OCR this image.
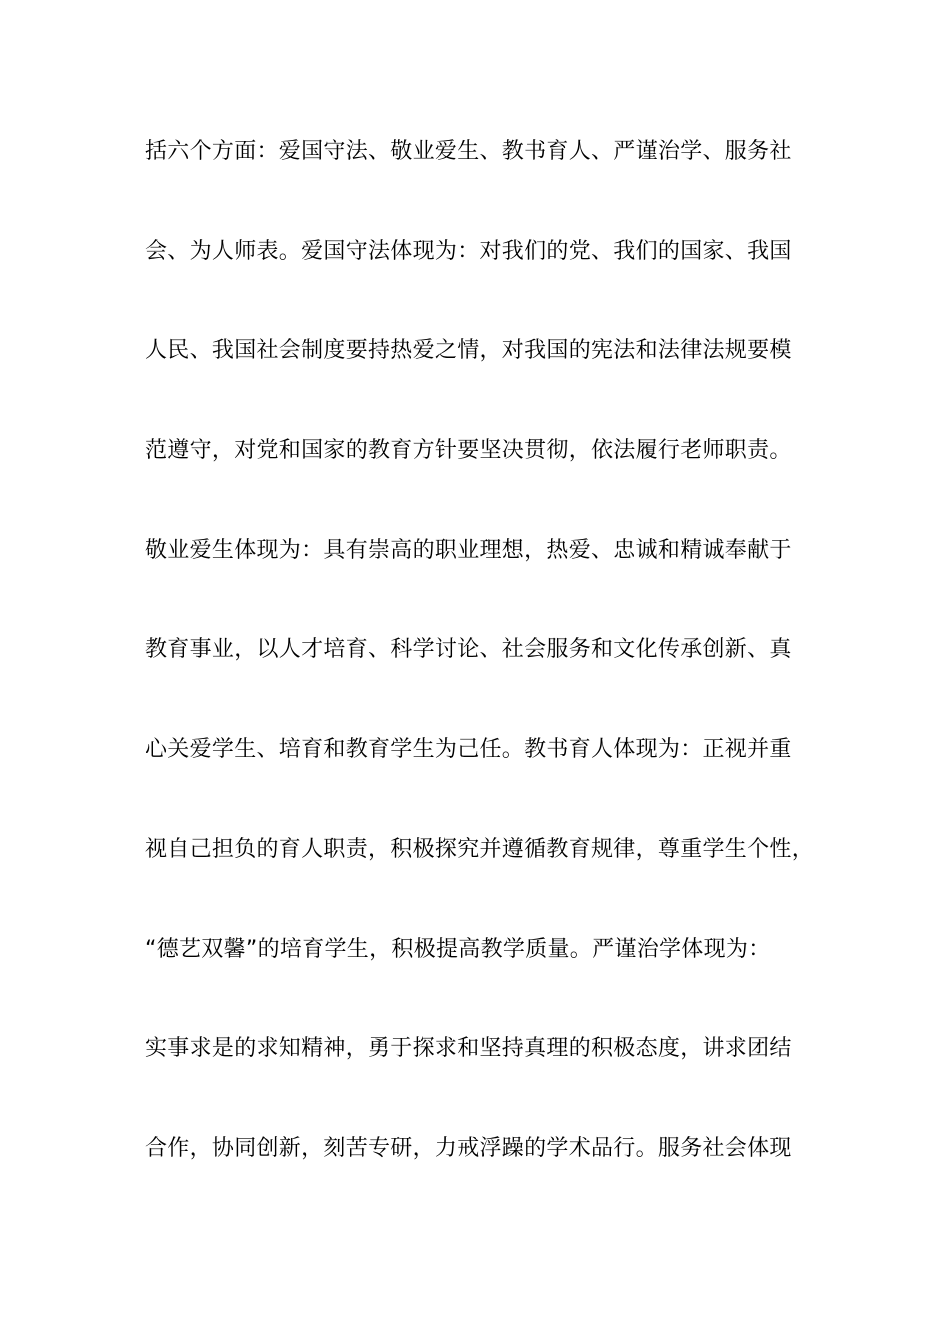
括六个方面：爱国守法、敬业爱生、教书育人、严谨治学、服务社
会、为人师表。爱国守法体现为：对我们的党、我们的国家、我国
人民、我国社会制度要持热爱之情，对我国的宪法和法律法规要模
范遵守，对党和国家的教育方针要坚决贯彻，依法履行老师职责。
敬业爱生体现为：具有崇高的职业理想，热爱、忠诚和精诚奉献于
教育事业，以人才培育、科学讨论、社会服务和文化传承创新、真
心关爱学生、培育和教育学生为己任。教书育人体现为：正视并重
视自己担负的育人职责，积极探究并遵循教育规律，尊重学生个性，
“德艺双馨”的培育学生，积极提高教学质量。严谨治学体现为：
实事求是的求知精神，勇于探求和坚持真理的积极态度，讲求团结
合作，协同创新，刻苦专研，力戒浮躁的学术品行。服务社会体现
